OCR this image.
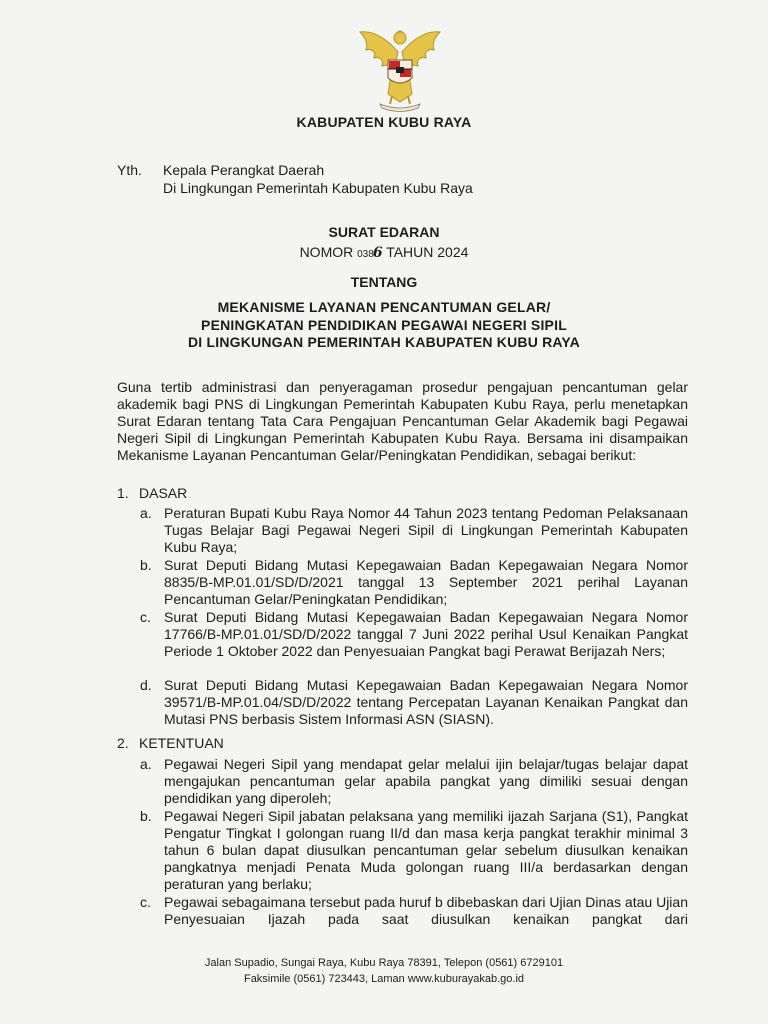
KABUPATEN KUBU RAYA
Yth. Kepala Perangkat Daerah
Di Lingkungan Pemerintah Kabupaten Kubu Raya
SURAT EDARAN
NOMOR 0386 TAHUN 2024
TENTANG
MEKANISME LAYANAN PENCANTUMAN GELAR/
PENINGKATAN PENDIDIKAN PEGAWAI NEGERI SIPIL
DI LINGKUNGAN PEMERINTAH KABUPATEN KUBU RAYA
Guna tertib administrasi dan penyeragaman prosedur pengajuan pencantuman gelar akademik bagi PNS di Lingkungan Pemerintah Kabupaten Kubu Raya, perlu menetapkan Surat Edaran tentang Tata Cara Pengajuan Pencantuman Gelar Akademik bagi Pegawai Negeri Sipil di Lingkungan Pemerintah Kabupaten Kubu Raya. Bersama ini disampaikan Mekanisme Layanan Pencantuman Gelar/Peningkatan Pendidikan, sebagai berikut:
1. DASAR
a. Peraturan Bupati Kubu Raya Nomor 44 Tahun 2023 tentang Pedoman Pelaksanaan Tugas Belajar Bagi Pegawai Negeri Sipil di Lingkungan Pemerintah Kabupaten Kubu Raya;
b. Surat Deputi Bidang Mutasi Kepegawaian Badan Kepegawaian Negara Nomor 8835/B-MP.01.01/SD/D/2021 tanggal 13 September 2021 perihal Layanan Pencantuman Gelar/Peningkatan Pendidikan;
c. Surat Deputi Bidang Mutasi Kepegawaian Badan Kepegawaian Negara Nomor 17766/B-MP.01.01/SD/D/2022 tanggal 7 Juni 2022 perihal Usul Kenaikan Pangkat Periode 1 Oktober 2022 dan Penyesuaian Pangkat bagi Perawat Berijazah Ners;
d. Surat Deputi Bidang Mutasi Kepegawaian Badan Kepegawaian Negara Nomor 39571/B-MP.01.04/SD/D/2022 tentang Percepatan Layanan Kenaikan Pangkat dan Mutasi PNS berbasis Sistem Informasi ASN (SIASN).
2. KETENTUAN
a. Pegawai Negeri Sipil yang mendapat gelar melalui ijin belajar/tugas belajar dapat mengajukan pencantuman gelar apabila pangkat yang dimiliki sesuai dengan pendidikan yang diperoleh;
b. Pegawai Negeri Sipil jabatan pelaksana yang memiliki ijazah Sarjana (S1), Pangkat Pengatur Tingkat I golongan ruang II/d dan masa kerja pangkat terakhir minimal 3 tahun 6 bulan dapat diusulkan pencantuman gelar sebelum diusulkan kenaikan pangkatnya menjadi Penata Muda golongan ruang III/a berdasarkan dengan peraturan yang berlaku;
c. Pegawai sebagaimana tersebut pada huruf b dibebaskan dari Ujian Dinas atau Ujian Penyesuaian Ijazah pada saat diusulkan kenaikan pangkat dari
Jalan Supadio, Sungai Raya, Kubu Raya 78391, Telepon (0561) 6729101
Faksimile (0561) 723443, Laman www.kuburayakab.go.id
